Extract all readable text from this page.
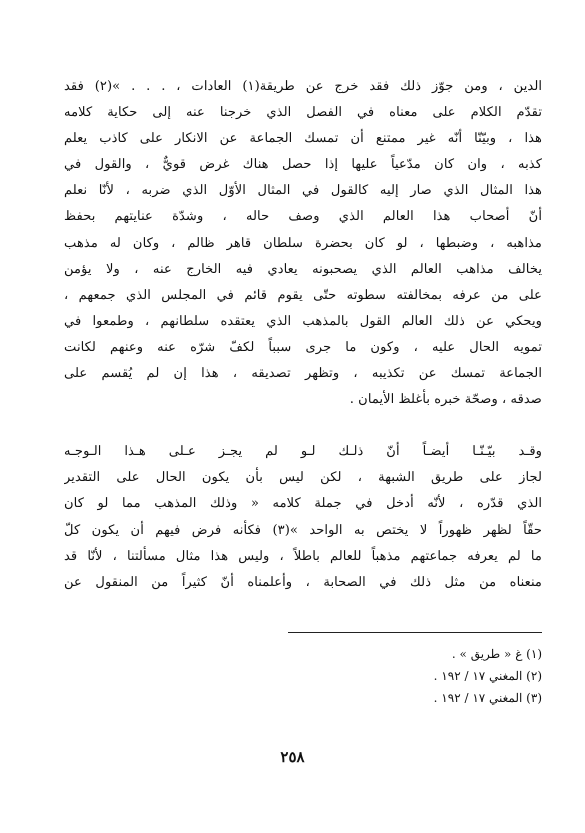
الدين ، ومن جوّز ذلك فقد خرج عن طريقة(١) العادات ، . . . »(٢) فقد
تقدّم الكلام على معناه في الفصل الذي خرجنا عنه إلى حكاية كلامه
هذا ، وبيّنّا أنّه غير ممتنع أن تمسك الجماعة عن الانكار على كاذب يعلم
كذبه ، وان كان مدّعياً عليها إذا حصل هناك غرض قويٌّ ، والقول في
هذا المثال الذي صار إليه كالقول في المثال الأوّل الذي ضربه ، لأنّا نعلم
أنّ أصحاب هذا العالم الذي وصف حاله ، وشدّة عنايتهم بحفظ
مذاهبه ، وضبطها ، لو كان بحضرة سلطان قاهر ظالم ، وكان له مذهب
يخالف مذاهب العالم الذي يصحبونه يعادي فيه الخارج عنه ، ولا يؤمن
على من عرفه بمخالفته سطوته حتّى يقوم قائم في المجلس الذي جمعهم ،
ويحكي عن ذلك العالم القول بالمذهب الذي يعتقده سلطانهم ، وطمعوا في
تمويه الحال عليه ، وكون ما جرى سبباً لكفّ شرّه عنه وعنهم لكانت
الجماعة تمسك عن تكذيبه ، وتظهر تصديقه ، هذا إن لم يُقسم على
صدقه ، وصحّة خبره بأغلظ الأيمان .
وقـد بيّـنّـا أيضـاً أنّ ذلـك لـو لم يجـز عـلى هـذا الـوجـه
لجاز على طريق الشبهة ، لكن ليس بأن يكون الحال على التقدير
الذي قدّره ، لأنّه أدخل في جملة كلامه « وذلك المذهب مما لو كان
حقّاً لظهر ظهوراً لا يختص به الواحد »(٣) فكأنه فرض فيهم أن يكون كلّ
ما لم يعرفه جماعتهم مذهباً للعالم باطلاً ، وليس هذا مثال مسألتنا ، لأنّا قد
منعناه من مثل ذلك في الصحابة ، وأعلمناه أنّ كثيراً من المنقول عن
(١) غ « طريق » .
(٢) المغني ١٧ / ١٩٢ .
(٣) المغني ١٧ / ١٩٢ .
٢٥٨
